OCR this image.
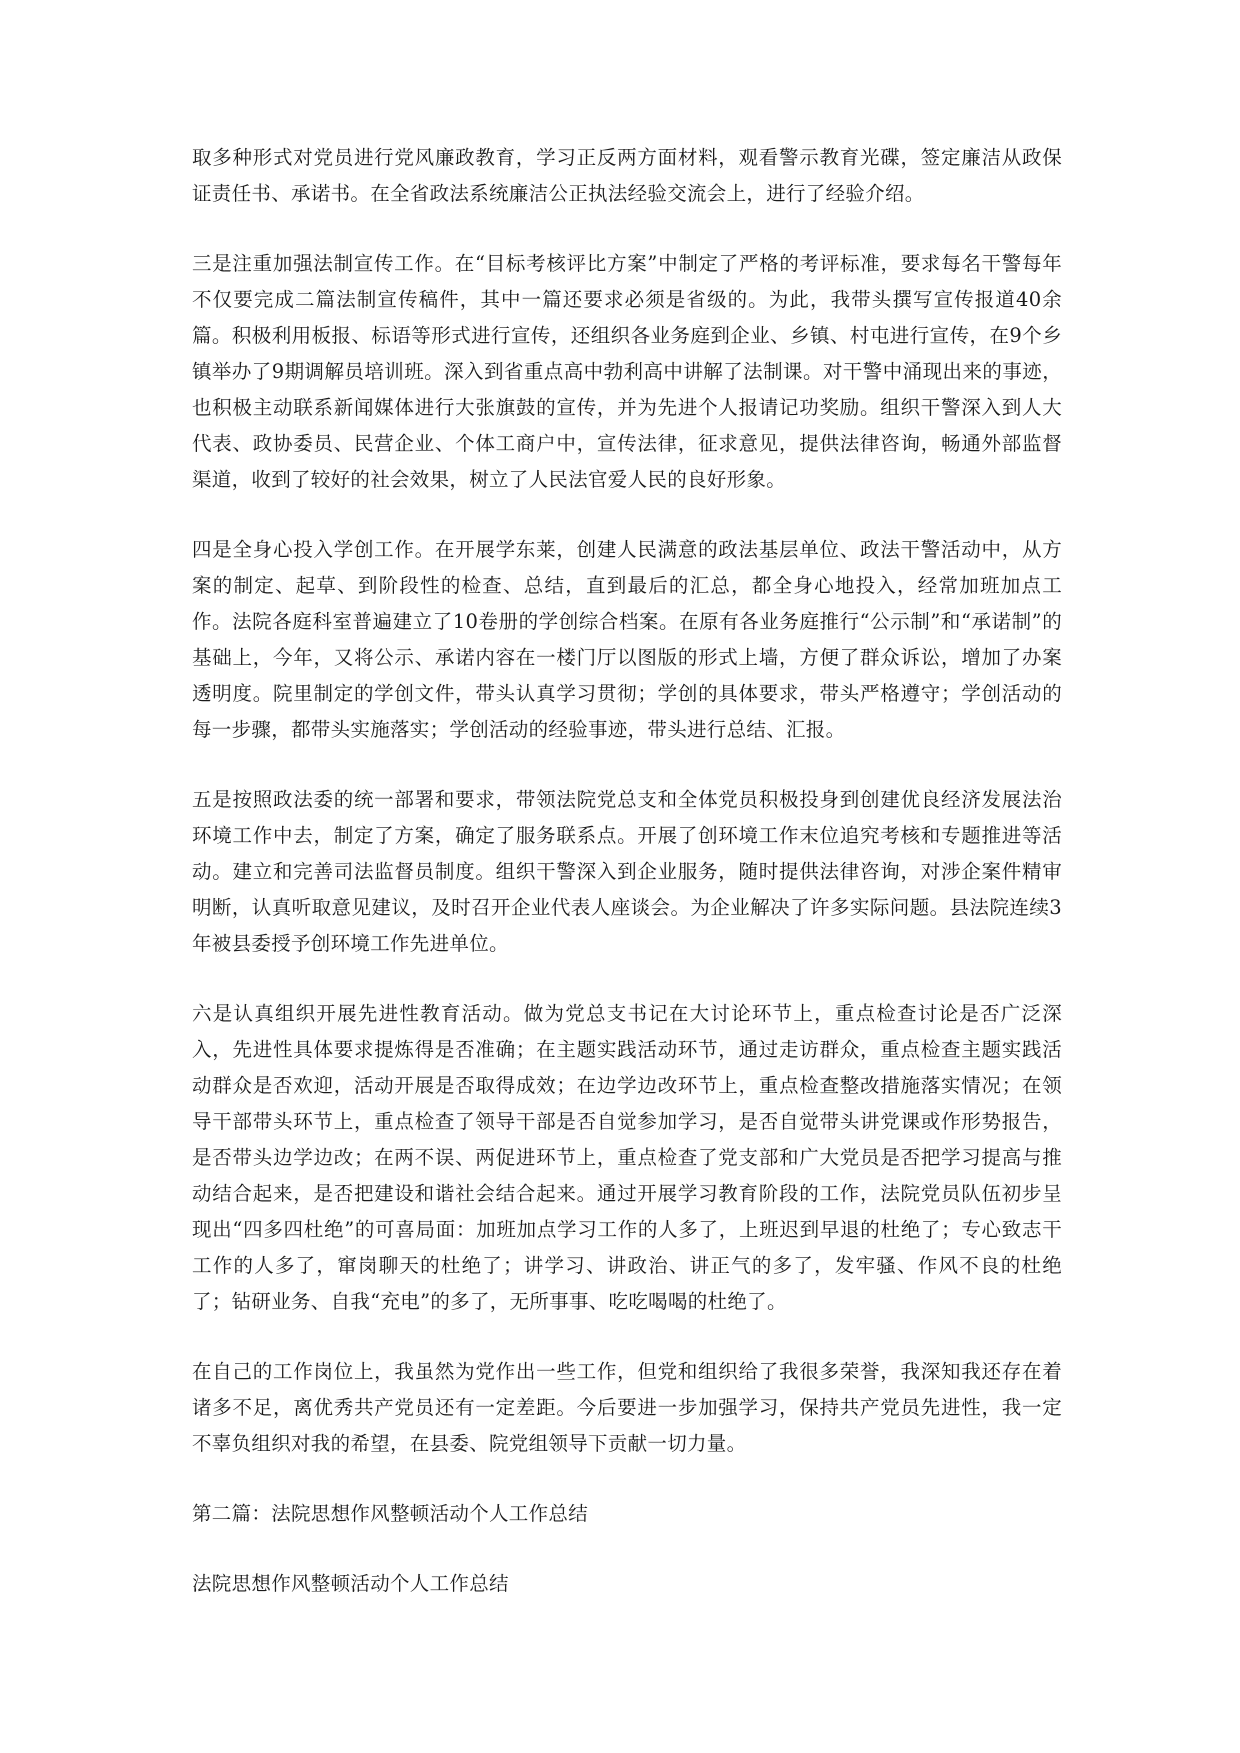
取多种形式对党员进行党风廉政教育，学习正反两方面材料，观看警示教育光碟，签定廉洁从政保证责任书、承诺书。在全省政法系统廉洁公正执法经验交流会上，进行了经验介绍。

三是注重加强法制宣传工作。在“目标考核评比方案”中制定了严格的考评标准，要求每名干警每年不仅要完成二篇法制宣传稿件，其中一篇还要求必须是省级的。为此，我带头撰写宣传报道40余篇。积极利用板报、标语等形式进行宣传，还组织各业务庭到企业、乡镇、村屯进行宣传，在9个乡镇举办了9期调解员培训班。深入到省重点高中勃利高中讲解了法制课。对干警中涌现出来的事迹，也积极主动联系新闻媒体进行大张旗鼓的宣传，并为先进个人报请记功奖励。组织干警深入到人大代表、政协委员、民营企业、个体工商户中，宣传法律，征求意见，提供法律咨询，畅通外部监督渠道，收到了较好的社会效果，树立了人民法官爱人民的良好形象。

四是全身心投入学创工作。在开展学东莱，创建人民满意的政法基层单位、政法干警活动中，从方案的制定、起草、到阶段性的检查、总结，直到最后的汇总，都全身心地投入，经常加班加点工作。法院各庭科室普遍建立了10卷册的学创综合档案。在原有各业务庭推行“公示制”和“承诺制”的基础上，今年，又将公示、承诺内容在一楼门厅以图版的形式上墙，方便了群众诉讼，增加了办案透明度。院里制定的学创文件，带头认真学习贯彻；学创的具体要求，带头严格遵守；学创活动的每一步骤，都带头实施落实；学创活动的经验事迹，带头进行总结、汇报。

五是按照政法委的统一部署和要求，带领法院党总支和全体党员积极投身到创建优良经济发展法治环境工作中去，制定了方案，确定了服务联系点。开展了创环境工作末位追究考核和专题推进等活动。建立和完善司法监督员制度。组织干警深入到企业服务，随时提供法律咨询，对涉企案件精审明断，认真听取意见建议，及时召开企业代表人座谈会。为企业解决了许多实际问题。县法院连续3年被县委授予创环境工作先进单位。

六是认真组织开展先进性教育活动。做为党总支书记在大讨论环节上，重点检查讨论是否广泛深入，先进性具体要求提炼得是否准确；在主题实践活动环节，通过走访群众，重点检查主题实践活动群众是否欢迎，活动开展是否取得成效；在边学边改环节上，重点检查整改措施落实情况；在领导干部带头环节上，重点检查了领导干部是否自觉参加学习，是否自觉带头讲党课或作形势报告，是否带头边学边改；在两不误、两促进环节上，重点检查了党支部和广大党员是否把学习提高与推动结合起来，是否把建设和谐社会结合起来。通过开展学习教育阶段的工作，法院党员队伍初步呈现出“四多四杜绝”的可喜局面：加班加点学习工作的人多了，上班迟到早退的杜绝了；专心致志干工作的人多了，窜岗聊天的杜绝了；讲学习、讲政治、讲正气的多了，发牢骚、作风不良的杜绝了；钻研业务、自我“充电”的多了，无所事事、吃吃喝喝的杜绝了。

在自己的工作岗位上，我虽然为党作出一些工作，但党和组织给了我很多荣誉，我深知我还存在着诸多不足，离优秀共产党员还有一定差距。今后要进一步加强学习，保持共产党员先进性，我一定不辜负组织对我的希望，在县委、院党组领导下贡献一切力量。

第二篇：法院思想作风整顿活动个人工作总结

法院思想作风整顿活动个人工作总结
